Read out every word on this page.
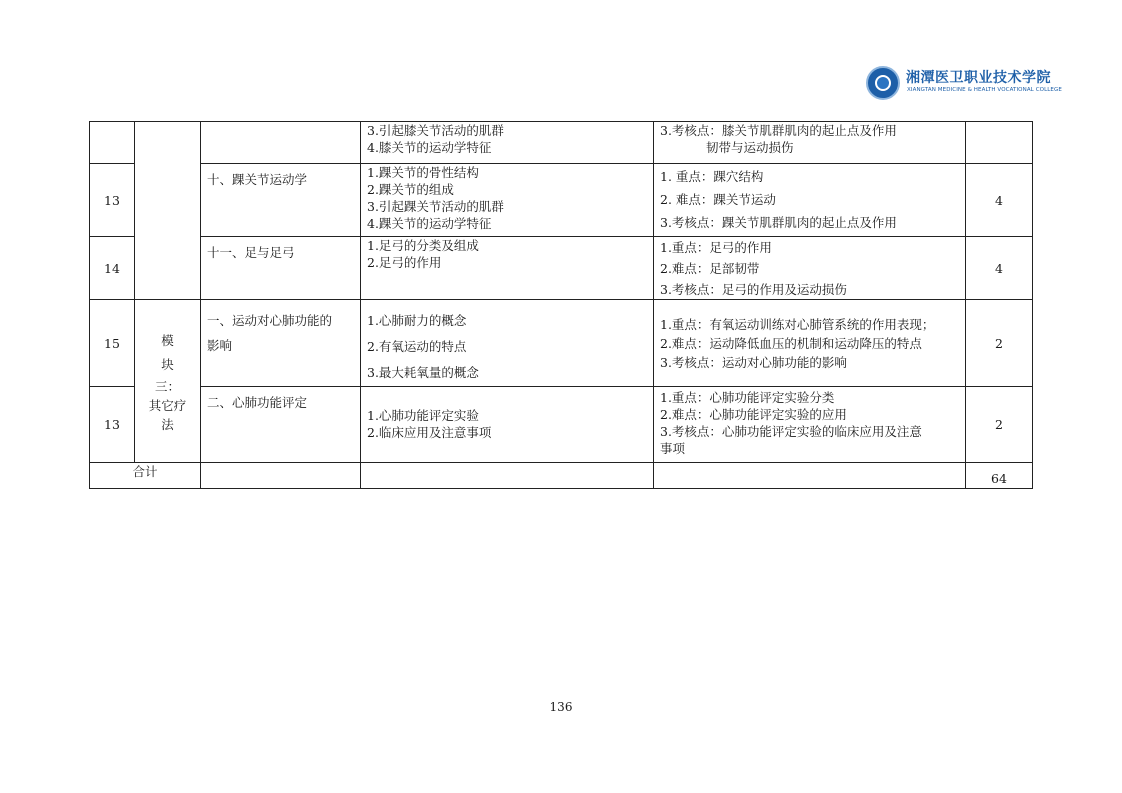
湘潭医卫职业技术学院
XIANGTAN MEDICINE & HEALTH VOCATIONAL COLLEGE

			3.引起膝关节活动的肌群
4.膝关节的运动学特征	3.考核点：膝关节肌群肌肉的起止点及作用
韧带与运动损伤	

13		十、踝关节运动学	1.踝关节的骨性结构
2.踝关节的组成
3.引起踝关节活动的肌群
4.踝关节的运动学特征	1. 重点：踝穴结构
2. 难点：踝关节运动
3.考核点：踝关节肌群肌肉的起止点及作用	4
14		十一、足与足弓	1.足弓的分类及组成
2.足弓的作用	1.重点：足弓的作用
2.难点：足部韧带
3.考核点：足弓的作用及运动损伤	4
15	模
块
三：
其它疗
法	一、运动对心肺功能的
影响	1.心肺耐力的概念
2.有氧运动的特点
3.最大耗氧量的概念	1.重点：有氧运动训练对心肺管系统的作用表现；
2.难点：运动降低血压的机制和运动降压的特点
3.考核点：运动对心肺功能的影响	2
13		二、心肺功能评定	1.心肺功能评定实验
2.临床应用及注意事项	1.重点：心肺功能评定实验分类
2.难点：心肺功能评定实验的应用
3.考核点：心肺功能评定实验的临床应用及注意
事项	2
合计					64
136
